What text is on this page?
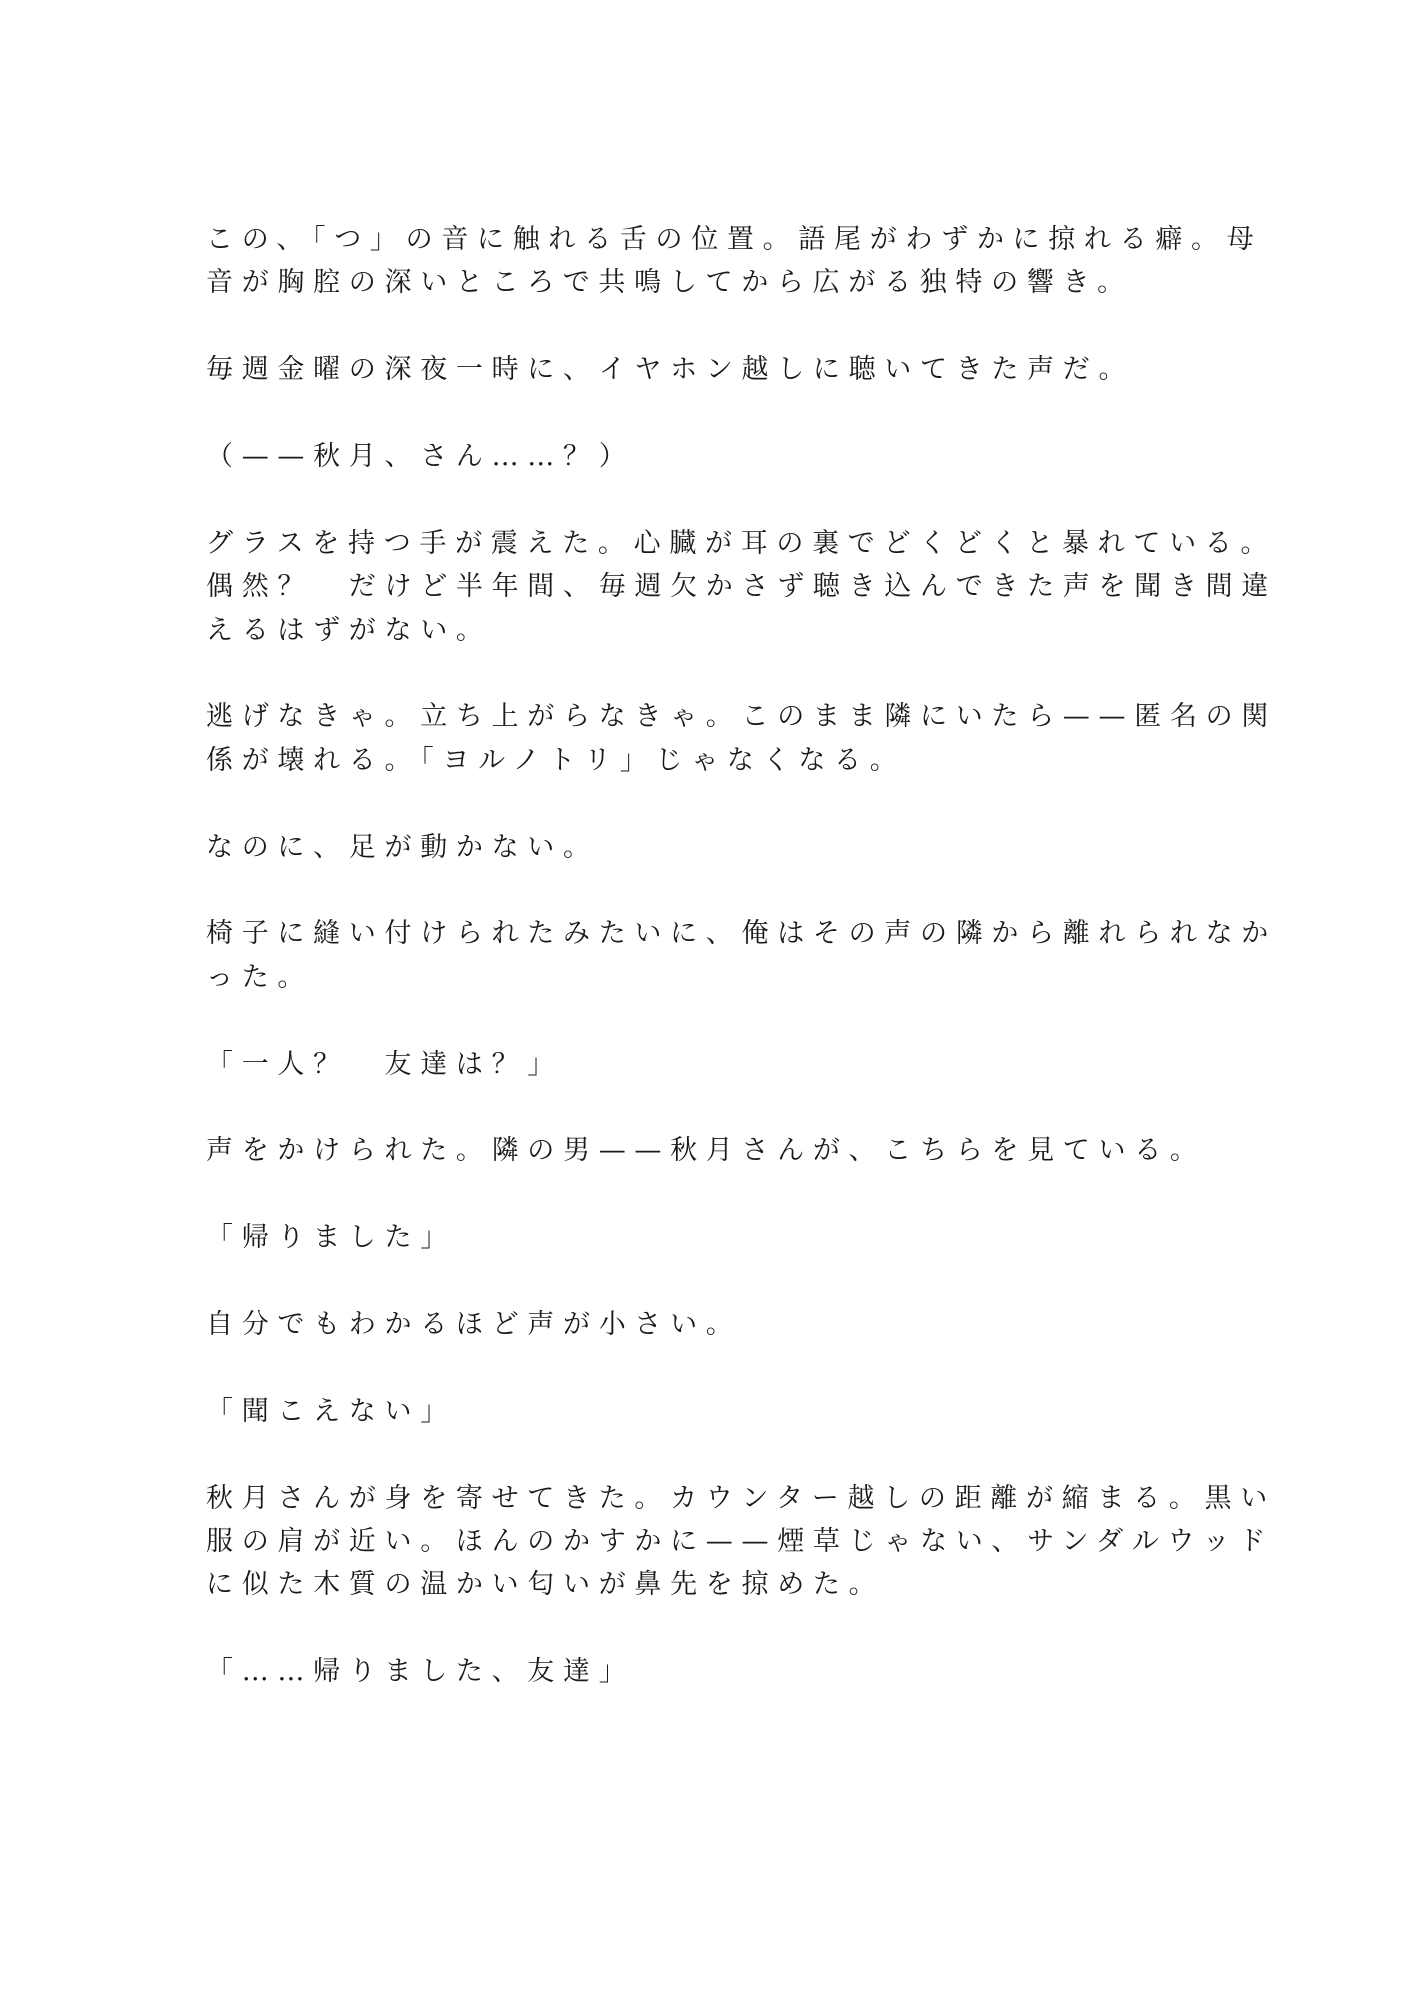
この、「つ」の音に触れる舌の位置。語尾がわずかに掠れる癖。母
音が胸腔の深いところで共鳴してから広がる独特の響き。
毎週金曜の深夜一時に、イヤホン越しに聴いてきた声だ。
（——秋月、さん……？）
グラスを持つ手が震えた。心臓が耳の裏でどくどくと暴れている。
偶然？　だけど半年間、毎週欠かさず聴き込んできた声を聞き間違
えるはずがない。
逃げなきゃ。立ち上がらなきゃ。このまま隣にいたら——匿名の関
係が壊れる。「ヨルノトリ」じゃなくなる。
なのに、足が動かない。
椅子に縫い付けられたみたいに、俺はその声の隣から離れられなか
った。
「一人？　友達は？」
声をかけられた。隣の男——秋月さんが、こちらを見ている。
「帰りました」
自分でもわかるほど声が小さい。
「聞こえない」
秋月さんが身を寄せてきた。カウンター越しの距離が縮まる。黒い
服の肩が近い。ほんのかすかに——煙草じゃない、サンダルウッド
に似た木質の温かい匂いが鼻先を掠めた。
「……帰りました、友達」
